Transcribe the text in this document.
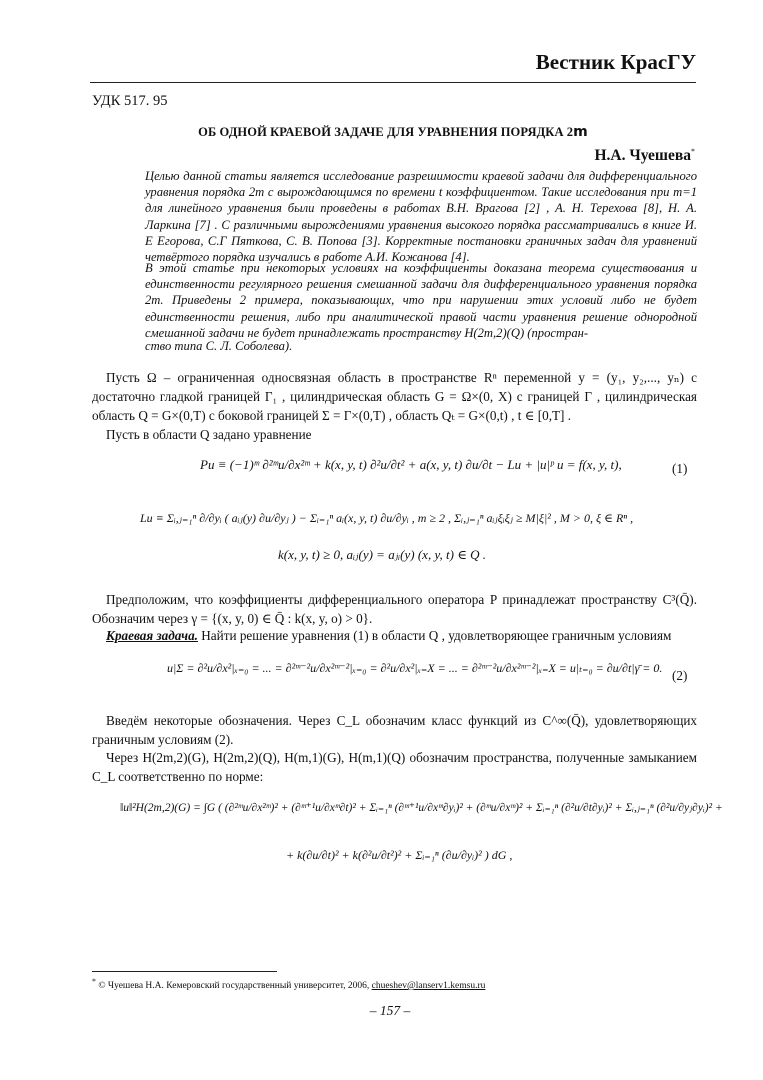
Вестник КрасГУ
УДК 517. 95
ОБ ОДНОЙ КРАЕВОЙ ЗАДАЧЕ ДЛЯ УРАВНЕНИЯ ПОРЯДКА 2m
Н.А. Чуешева*

Целью данной статьи является исследование разрешимости краевой задачи для дифференциального уравнения порядка 2m с вырождающимся по времени t коэффициентом. Такие исследования при m=1 для линейного уравнения были проведены в работах В.Н. Врагова [2] , А. Н. Терехова [8], Н. А. Ларкина [7] . С различными вырождениями уравнения высокого порядка рассматривались в книге И. Е Егорова, С.Г Пяткова, С. В. Попова [3]. Корректные постановки граничных задач для уравнений четвёртого порядка изучались в работе А.И. Кожанова [4].

В этой статье при некоторых условиях на коэффициенты доказана теорема существования и единственности регулярного решения смешанной задачи для дифференциального уравнения порядка 2m. Приведены 2 примера, показывающих, что при нарушении этих условий либо не будет единственности решения, либо при аналитической правой части уравнения решение однородной смешанной задачи не будет принадлежать пространству H(2m,2)(Q) (простран-

ство типа С. Л. Соболева).
Пусть Ω – ограниченная односвязная область в пространстве Rⁿ переменной y = (y₁, y₂,..., yₙ) с достаточно гладкой границей Γ₁ , цилиндрическая область G = Ω×(0, X) с границей Γ , цилиндрическая область Q = G×(0,T) с боковой границей Σ = Γ×(0,T) , область Qₜ = G×(0,t) , t ∈ [0,T] .
Пусть в области Q задано уравнение
Pu ≡ (−1)ᵐ ∂²ᵐu/∂x²ᵐ + k(x, y, t) ∂²u/∂t² + a(x, y, t) ∂u/∂t − Lu + |u|ᵖ u = f(x, y, t),	(1)
Lu ≡ Σᵢ,ⱼ₌₁ⁿ ∂/∂yᵢ ( aᵢⱼ(y) ∂u/∂yⱼ ) − Σᵢ₌₁ⁿ aᵢ(x, y, t) ∂u/∂yᵢ , m ≥ 2 , Σᵢ,ⱼ₌₁ⁿ aᵢⱼξᵢξⱼ ≥ M|ξ|² , M > 0, ξ ∈ Rⁿ ,
k(x, y, t) ≥ 0, aᵢⱼ(y) = aⱼᵢ(y) (x, y, t) ∈ Q .
Предположим, что коэффициенты дифференциального оператора P принадлежат пространству C³(Q̄). Обозначим через γ = {(x, y, 0) ∈ Q̄ : k(x, y, o) > 0}.
Краевая задача. Найти решение уравнения (1) в области Q , удовлетворяющее граничным условиям
u|Σ = ∂²u/∂x²|ₓ₌₀ = ... = ∂²ᵐ⁻²u/∂x²ᵐ⁻²|ₓ₌₀ = ∂²u/∂x²|ₓ₌X = ... = ∂²ᵐ⁻²u/∂x²ᵐ⁻²|ₓ₌X = u|ₜ₌₀ = ∂u/∂t|γ̄ = 0. (2)
Введём некоторые обозначения. Через C_L обозначим класс функций из C^∞(Q̄), удовлетворяющих граничным условиям (2).
Через H(2m,2)(G), H(2m,2)(Q), H(m,1)(G), H(m,1)(Q) обозначим пространства, полученные замыканием C_L соответственно по норме:
‖u‖²H(2m,2)(G) = ∫G ( (∂²ᵐu/∂x²ᵐ)² + (∂ᵐ⁺¹u/∂xᵐ∂t)² + Σᵢ₌₁ⁿ (∂ᵐ⁺¹u/∂xᵐ∂yᵢ)² + (∂ᵐu/∂xᵐ)² + Σᵢ₌₁ⁿ (∂²u/∂t∂yᵢ)² + Σᵢ,ⱼ₌₁ⁿ (∂²u/∂yⱼ∂yᵢ)² +
+ k(∂u/∂t)² + k(∂²u/∂t²)² + Σᵢ₌₁ⁿ (∂u/∂yᵢ)² ) dG ,
* © Чуешева Н.А. Кемеровский государственный университет, 2006, chueshev@lanserv1.kemsu.ru
– 157 –
